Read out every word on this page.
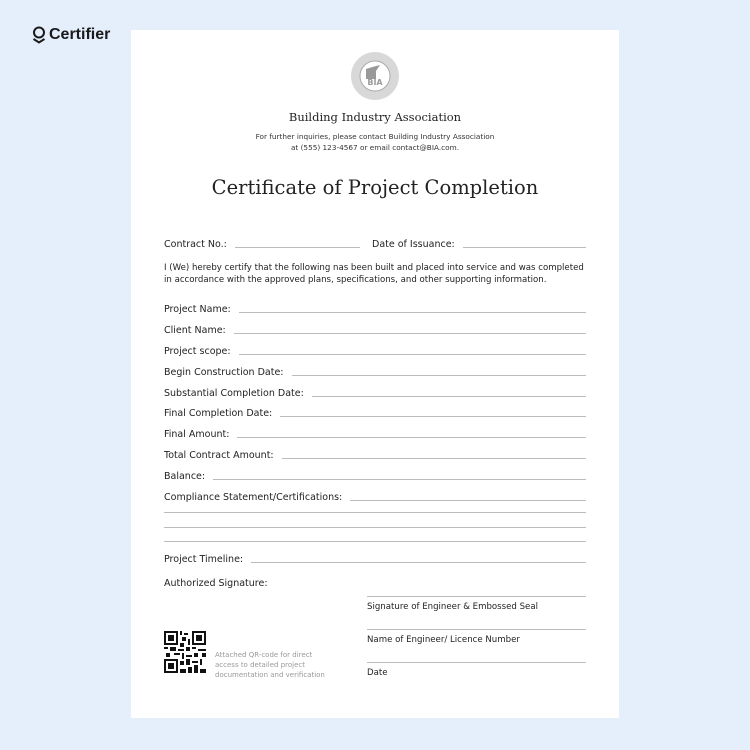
Certifier
BIA
Building Industry Association
For further inquiries, please contact Building Industry Association
at (555) 123-4567 or email contact@BIA.com.
Certificate of Project Completion
Contract No.:	Date of Issuance:
I (We) hereby certify that the following nas been built and placed into service and was completed in accordance with the approved plans, specifications, and other supporting information.
Project Name:
Client Name:
Project scope:
Begin Construction Date:
Substantial Completion Date:
Final Completion Date:
Final Amount:
Total Contract Amount:
Balance:
Compliance Statement/Certifications:
Project Timeline:
Authorized Signature:
Signature of Engineer & Embossed Seal
Name of Engineer/ Licence Number
Date
Attached QR-code for direct access to detailed project documentation and verification
